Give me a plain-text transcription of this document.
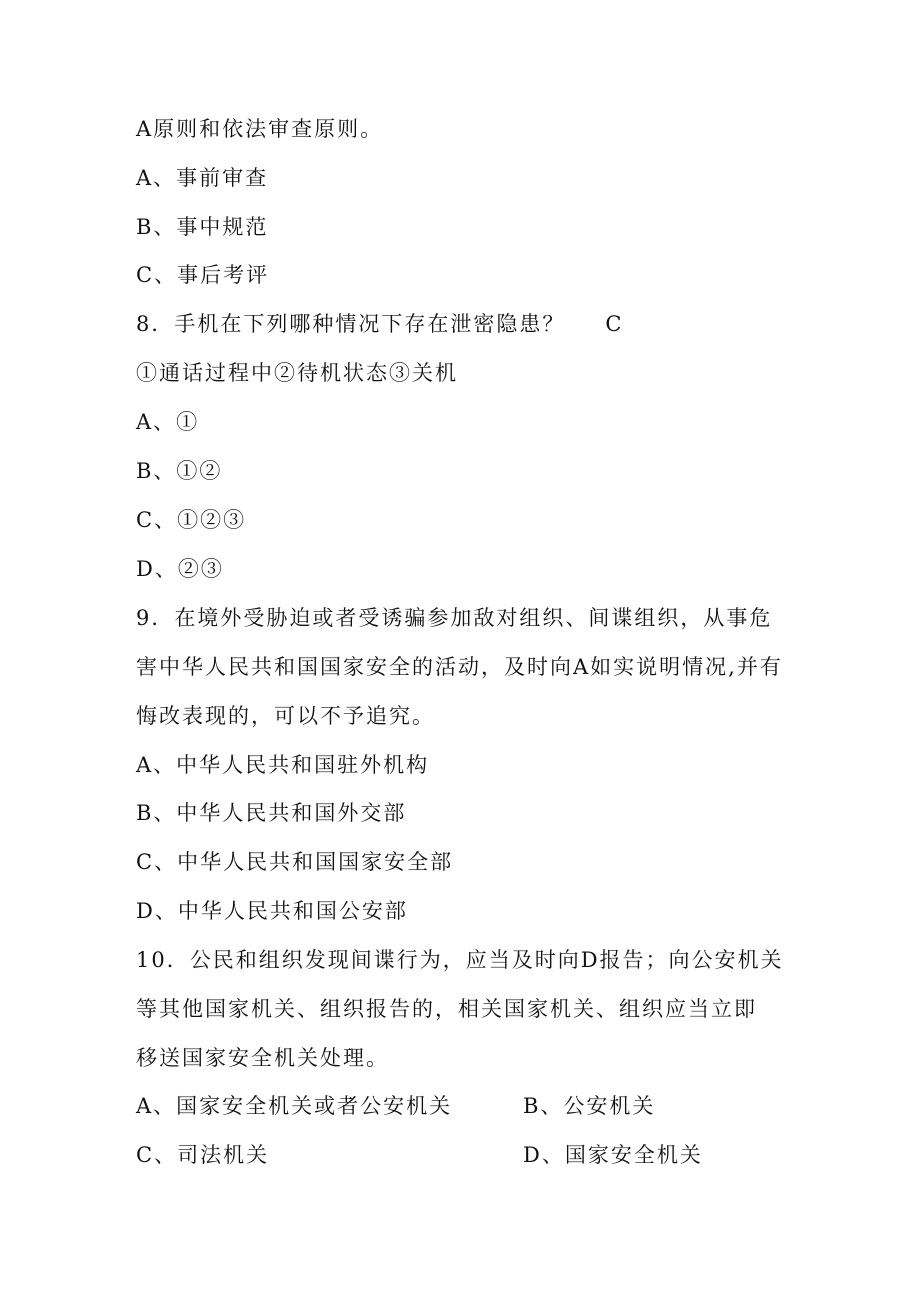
A原则和依法审查原则。
A、事前审查
B、事中规范
C、事后考评
8．手机在下列哪种情况下存在泄密隐患？ C
①通话过程中②待机状态③关机
A、①
B、①②
C、①②③
D、②③
9．在境外受胁迫或者受诱骗参加敌对组织、间谍组织，从事危
害中华人民共和国国家安全的活动，及时向A如实说明情况,并有
悔改表现的，可以不予追究。
A、中华人民共和国驻外机构
B、中华人民共和国外交部
C、中华人民共和国国家安全部
D、中华人民共和国公安部
10．公民和组织发现间谍行为，应当及时向D报告；向公安机关
等其他国家机关、组织报告的，相关国家机关、组织应当立即
移送国家安全机关处理。
A、国家安全机关或者公安机关	B、公安机关
C、司法机关	D、国家安全机关
